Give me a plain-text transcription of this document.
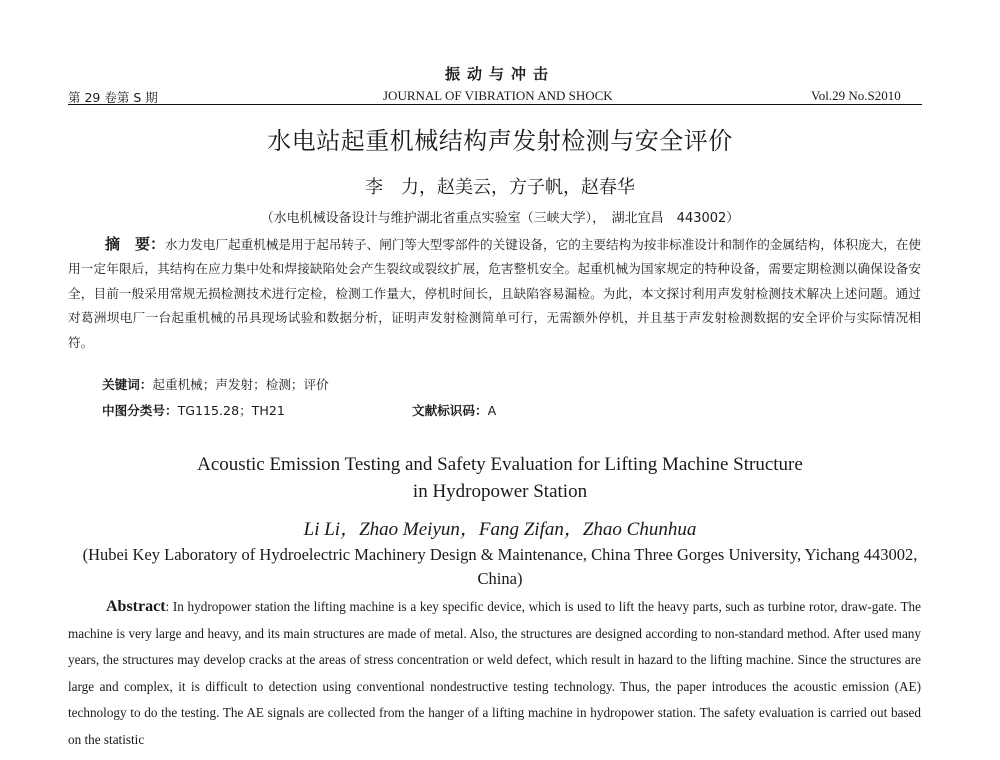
振动与冲击
第 29 卷第 S 期	JOURNAL OF VIBRATION AND SHOCK	Vol.29 No.S2010
水电站起重机械结构声发射检测与安全评价
李　力，赵美云，方子帆，赵春华
（水电机械设备设计与维护湖北省重点实验室（三峡大学），　湖北宜昌　443002）
摘　要：水力发电厂起重机械是用于起吊转子、闸门等大型零部件的关键设备，它的主要结构为按非标准设计和制作的金属结构，体积庞大，在使用一定年限后，其结构在应力集中处和焊接缺陷处会产生裂纹或裂纹扩展，危害整机安全。起重机械为国家规定的特种设备，需要定期检测以确保设备安全，目前一般采用常规无损检测技术进行定检，检测工作量大，停机时间长，且缺陷容易漏检。为此，本文探讨利用声发射检测技术解决上述问题。通过对葛洲坝电厂一台起重机械的吊具现场试验和数据分析，证明声发射检测简单可行，无需额外停机，并且基于声发射检测数据的安全评价与实际情况相符。
关键词：起重机械；声发射；检测；评价
中图分类号：TG115.28；TH21	文献标识码：A
Acoustic Emission Testing and Safety Evaluation for Lifting Machine Structure
in Hydropower Station
Li Li，Zhao Meiyun，Fang Zifan，Zhao Chunhua
(Hubei Key Laboratory of Hydroelectric Machinery Design & Maintenance, China Three Gorges University, Yichang 443002, China)
Abstract: In hydropower station the lifting machine is a key specific device, which is used to lift the heavy parts, such as turbine rotor, draw-gate. The machine is very large and heavy, and its main structures are made of metal. Also, the structures are designed according to non-standard method. After used many years, the structures may develop cracks at the areas of stress concentration or weld defect, which result in hazard to the lifting machine. Since the structures are large and complex, it is difficult to detection using conventional nondestructive testing technology. Thus, the paper introduces the acoustic emission (AE) technology to do the testing. The AE signals are collected from the hanger of a lifting machine in hydropower station. The safety evaluation is carried out based on the statistic
